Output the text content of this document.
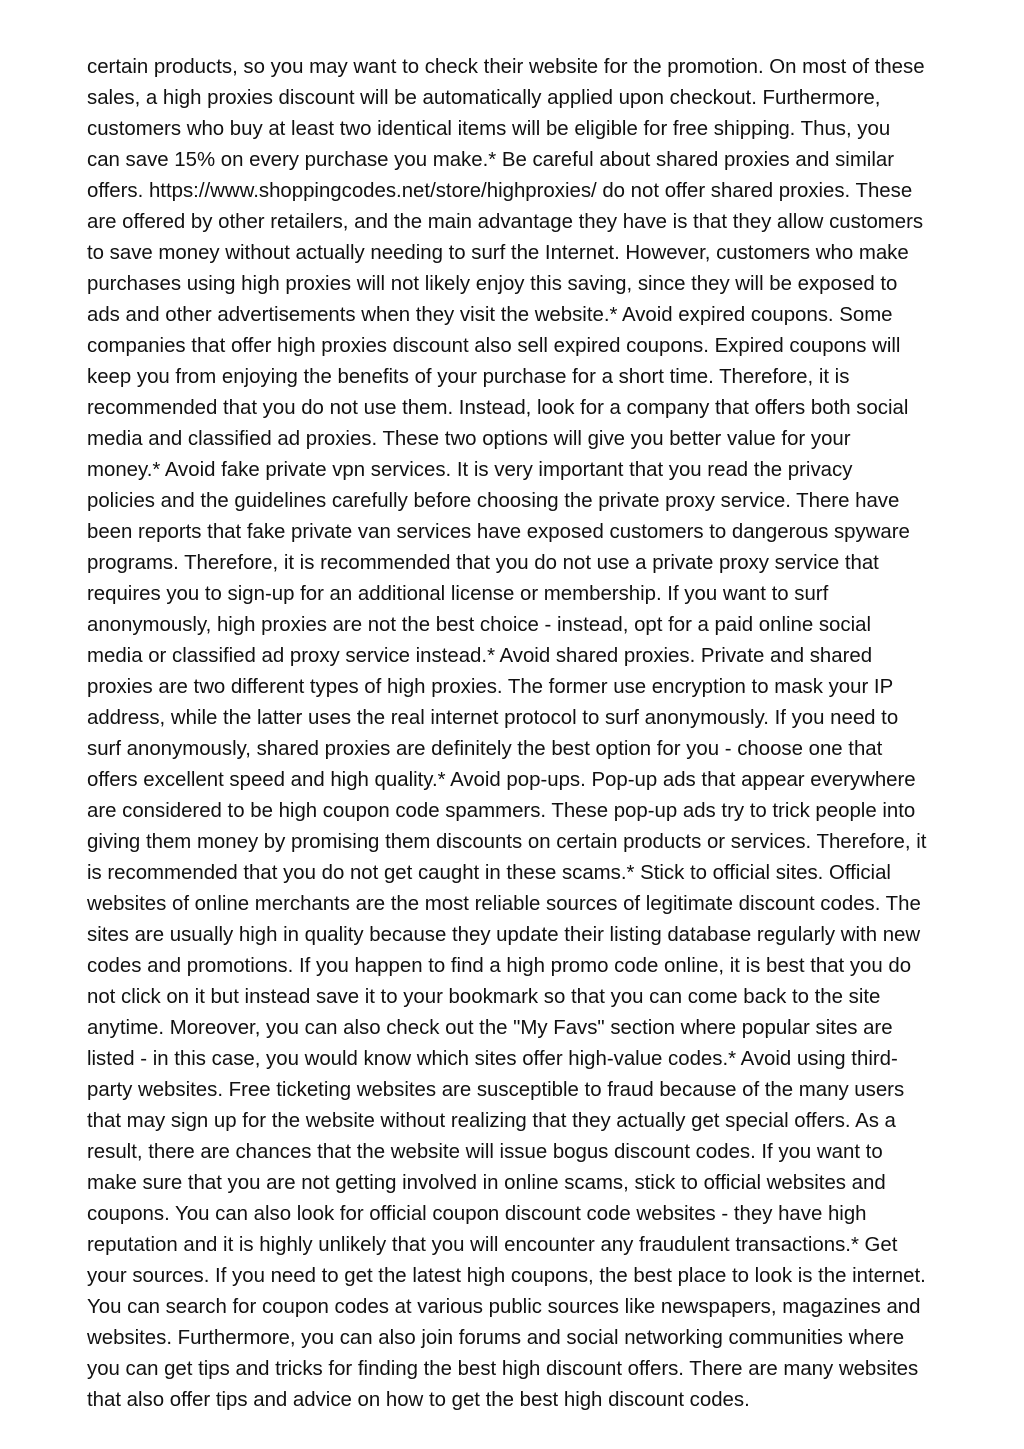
certain products, so you may want to check their website for the promotion. On most of these
sales, a high proxies discount will be automatically applied upon checkout. Furthermore,
customers who buy at least two identical items will be eligible for free shipping. Thus, you
can save 15% on every purchase you make.* Be careful about shared proxies and similar
offers. https://www.shoppingcodes.net/store/highproxies/ do not offer shared proxies. These
are offered by other retailers, and the main advantage they have is that they allow customers
to save money without actually needing to surf the Internet. However, customers who make
purchases using high proxies will not likely enjoy this saving, since they will be exposed to
ads and other advertisements when they visit the website.* Avoid expired coupons. Some
companies that offer high proxies discount also sell expired coupons. Expired coupons will
keep you from enjoying the benefits of your purchase for a short time. Therefore, it is
recommended that you do not use them. Instead, look for a company that offers both social
media and classified ad proxies. These two options will give you better value for your
money.* Avoid fake private vpn services. It is very important that you read the privacy
policies and the guidelines carefully before choosing the private proxy service. There have
been reports that fake private van services have exposed customers to dangerous spyware
programs. Therefore, it is recommended that you do not use a private proxy service that
requires you to sign-up for an additional license or membership. If you want to surf
anonymously, high proxies are not the best choice - instead, opt for a paid online social
media or classified ad proxy service instead.* Avoid shared proxies. Private and shared
proxies are two different types of high proxies. The former use encryption to mask your IP
address, while the latter uses the real internet protocol to surf anonymously. If you need to
surf anonymously, shared proxies are definitely the best option for you - choose one that
offers excellent speed and high quality.* Avoid pop-ups. Pop-up ads that appear everywhere
are considered to be high coupon code spammers. These pop-up ads try to trick people into
giving them money by promising them discounts on certain products or services. Therefore, it
is recommended that you do not get caught in these scams.* Stick to official sites. Official
websites of online merchants are the most reliable sources of legitimate discount codes. The
sites are usually high in quality because they update their listing database regularly with new
codes and promotions. If you happen to find a high promo code online, it is best that you do
not click on it but instead save it to your bookmark so that you can come back to the site
anytime. Moreover, you can also check out the "My Favs" section where popular sites are
listed - in this case, you would know which sites offer high-value codes.* Avoid using third-
party websites. Free ticketing websites are susceptible to fraud because of the many users
that may sign up for the website without realizing that they actually get special offers. As a
result, there are chances that the website will issue bogus discount codes. If you want to
make sure that you are not getting involved in online scams, stick to official websites and
coupons. You can also look for official coupon discount code websites - they have high
reputation and it is highly unlikely that you will encounter any fraudulent transactions.* Get
your sources. If you need to get the latest high coupons, the best place to look is the internet.
You can search for coupon codes at various public sources like newspapers, magazines and
websites. Furthermore, you can also join forums and social networking communities where
you can get tips and tricks for finding the best high discount offers. There are many websites
that also offer tips and advice on how to get the best high discount codes.
